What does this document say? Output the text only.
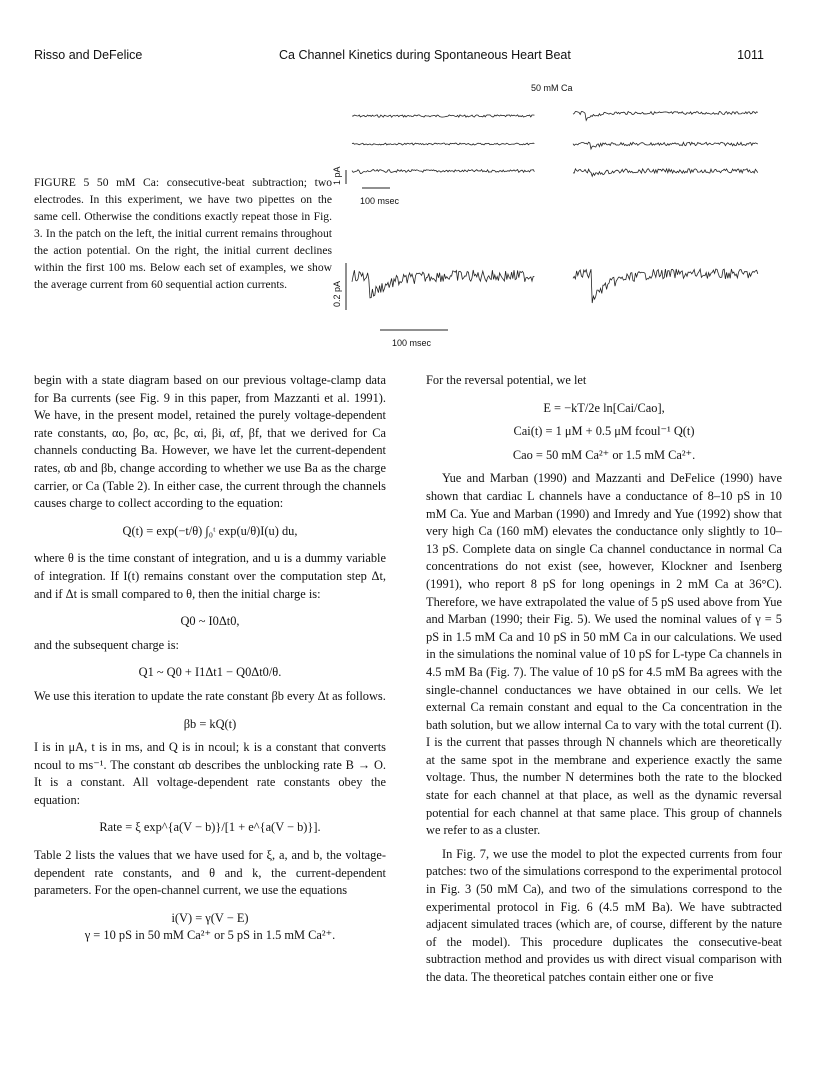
Risso and DeFelice	Ca Channel Kinetics during Spontaneous Heart Beat	1011
50 mM Ca
1 pA
100 msec
0.2 pA
100 msec
FIGURE 5 50 mM Ca: consecutive-beat subtraction; two electrodes. In this experiment, we have two pipettes on the same cell. Otherwise the conditions exactly repeat those in Fig. 3. In the patch on the left, the initial current remains throughout the action potential. On the right, the initial current declines within the first 100 ms. Below each set of examples, we show the average current from 60 sequential action currents.

begin with a state diagram based on our previous voltage-clamp data for Ba currents (see Fig. 9 in this paper, from Mazzanti et al. 1991). We have, in the present model, retained the purely voltage-dependent rate constants, αo, βo, αc, βc, αi, βi, αf, βf, that we derived for Ca channels conducting Ba. However, we have let the current-dependent rates, αb and βb, change according to whether we use Ba as the charge carrier, or Ca (Table 2). In either case, the current through the channels causes charge to collect according to the equation:

Q(t) = exp(−t/θ) ∫₀ᵗ exp(u/θ)I(u) du,

where θ is the time constant of integration, and u is a dummy variable of integration. If I(t) remains constant over the computation step Δt, and if Δt is small compared to θ, then the initial charge is:

Q0 ~ I0Δt0,

and the subsequent charge is:

Q1 ~ Q0 + I1Δt1 − Q0Δt0/θ.

We use this iteration to update the rate constant βb every Δt as follows.

βb = kQ(t)

I is in μA, t is in ms, and Q is in ncoul; k is a constant that converts ncoul to ms⁻¹. The constant αb describes the unblocking rate B → O. It is a constant. All voltage-dependent rate constants obey the equation:

Rate = ξ exp^{a(V − b)}/[1 + e^{a(V − b)}].

Table 2 lists the values that we have used for ξ, a, and b, the voltage-dependent rate constants, and θ and k, the current-dependent parameters. For the open-channel current, we use the equations

i(V) = γ(V − E)

γ = 10 pS in 50 mM Ca²⁺ or 5 pS in 1.5 mM Ca²⁺.

For the reversal potential, we let

E = −kT/2e ln[Cai/Cao],

Cai(t) = 1 μM + 0.5 μM fcoul⁻¹ Q(t)

Cao = 50 mM Ca²⁺ or 1.5 mM Ca²⁺.

Yue and Marban (1990) and Mazzanti and DeFelice (1990) have shown that cardiac L channels have a conductance of 8–10 pS in 10 mM Ca. Yue and Marban (1990) and Imredy and Yue (1992) show that very high Ca (160 mM) elevates the conductance only slightly to 10–13 pS. Complete data on single Ca channel conductance in normal Ca concentrations do not exist (see, however, Klockner and Isenberg (1991), who report 8 pS for long openings in 2 mM Ca at 36°C). Therefore, we have extrapolated the value of 5 pS used above from Yue and Marban (1990; their Fig. 5). We used the nominal values of γ = 5 pS in 1.5 mM Ca and 10 pS in 50 mM Ca in our calculations. We used in the simulations the nominal value of 10 pS for L-type Ca channels in 4.5 mM Ba (Fig. 7). The value of 10 pS for 4.5 mM Ba agrees with the single-channel conductances we have obtained in our cells. We let external Ca remain constant and equal to the Ca concentration in the bath solution, but we allow internal Ca to vary with the total current (I). I is the current that passes through N channels which are theoretically at the same spot in the membrane and experience exactly the same voltage. Thus, the number N determines both the rate to the blocked state for each channel at that place, as well as the dynamic reversal potential for each channel at that same place. This group of channels we refer to as a cluster.

In Fig. 7, we use the model to plot the expected currents from four patches: two of the simulations correspond to the experimental protocol in Fig. 3 (50 mM Ca), and two of the simulations correspond to the experimental protocol in Fig. 6 (4.5 mM Ba). We have subtracted adjacent simulated traces (which are, of course, different by the nature of the model). This procedure duplicates the consecutive-beat subtraction method and provides us with direct visual comparison with the data. The theoretical patches contain either one or five
